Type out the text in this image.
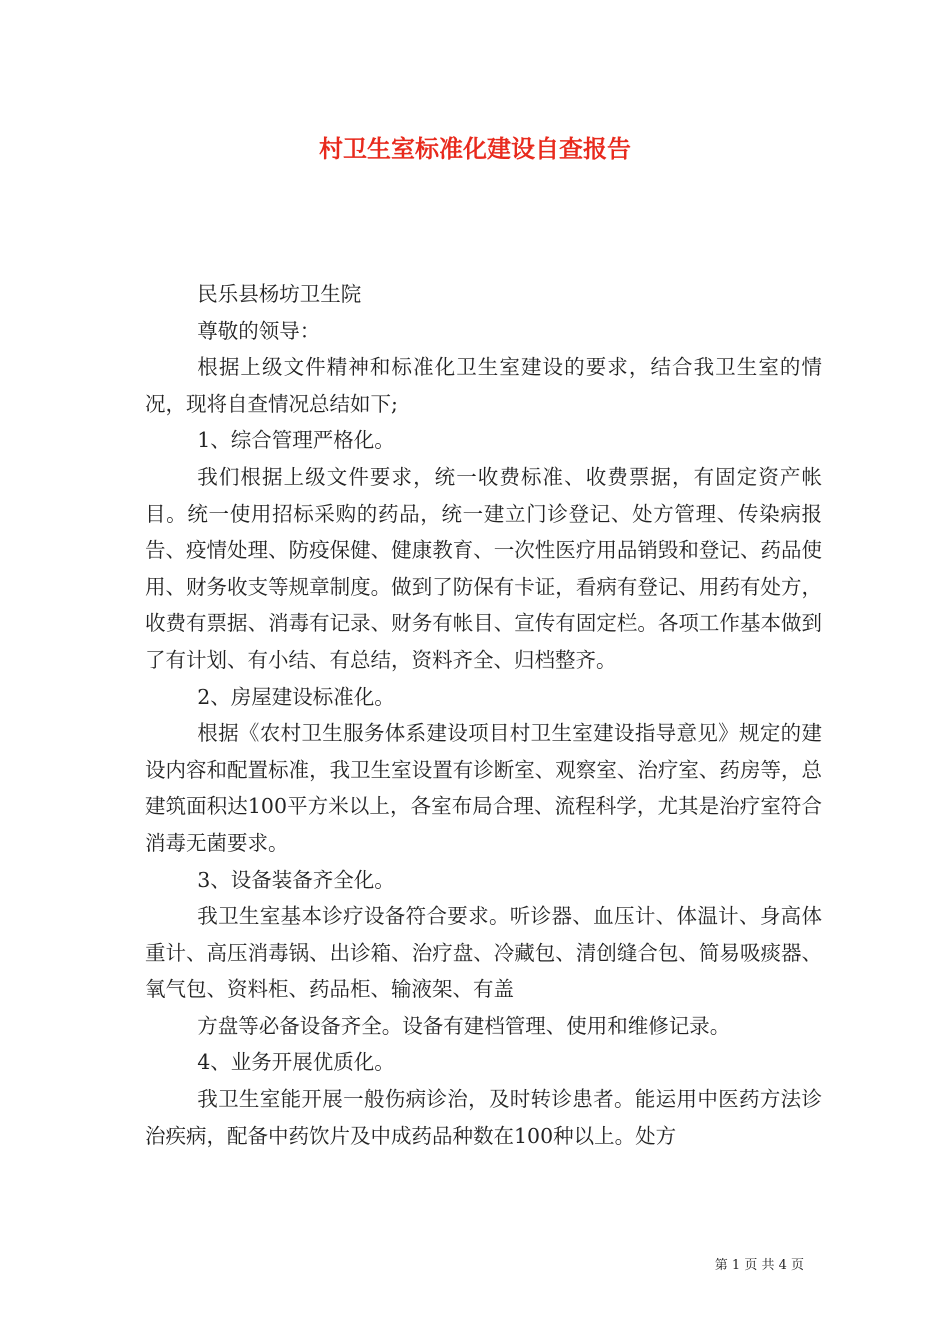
村卫生室标准化建设自查报告

民乐县杨坊卫生院

尊敬的领导：

根据上级文件精神和标准化卫生室建设的要求，结合我卫生室的情况，现将自查情况总结如下;

1、综合管理严格化。

我们根据上级文件要求，统一收费标准、收费票据，有固定资产帐目。统一使用招标采购的药品，统一建立门诊登记、处方管理、传染病报告、疫情处理、防疫保健、健康教育、一次性医疗用品销毁和登记、药品使用、财务收支等规章制度。做到了防保有卡证，看病有登记、用药有处方，收费有票据、消毒有记录、财务有帐目、宣传有固定栏。各项工作基本做到了有计划、有小结、有总结，资料齐全、归档整齐。

2、房屋建设标准化。

根据《农村卫生服务体系建设项目村卫生室建设指导意见》规定的建设内容和配置标准，我卫生室设置有诊断室、观察室、治疗室、药房等，总建筑面积达100平方米以上，各室布局合理、流程科学，尤其是治疗室符合消毒无菌要求。

3、设备装备齐全化。

我卫生室基本诊疗设备符合要求。听诊器、血压计、体温计、身高体重计、高压消毒锅、出诊箱、治疗盘、冷藏包、清创缝合包、简易吸痰器、氧气包、资料柜、药品柜、输液架、有盖

方盘等必备设备齐全。设备有建档管理、使用和维修记录。

4、业务开展优质化。

我卫生室能开展一般伤病诊治，及时转诊患者。能运用中医药方法诊治疾病，配备中药饮片及中成药品种数在100种以上。处方

第 1 页 共 4 页
